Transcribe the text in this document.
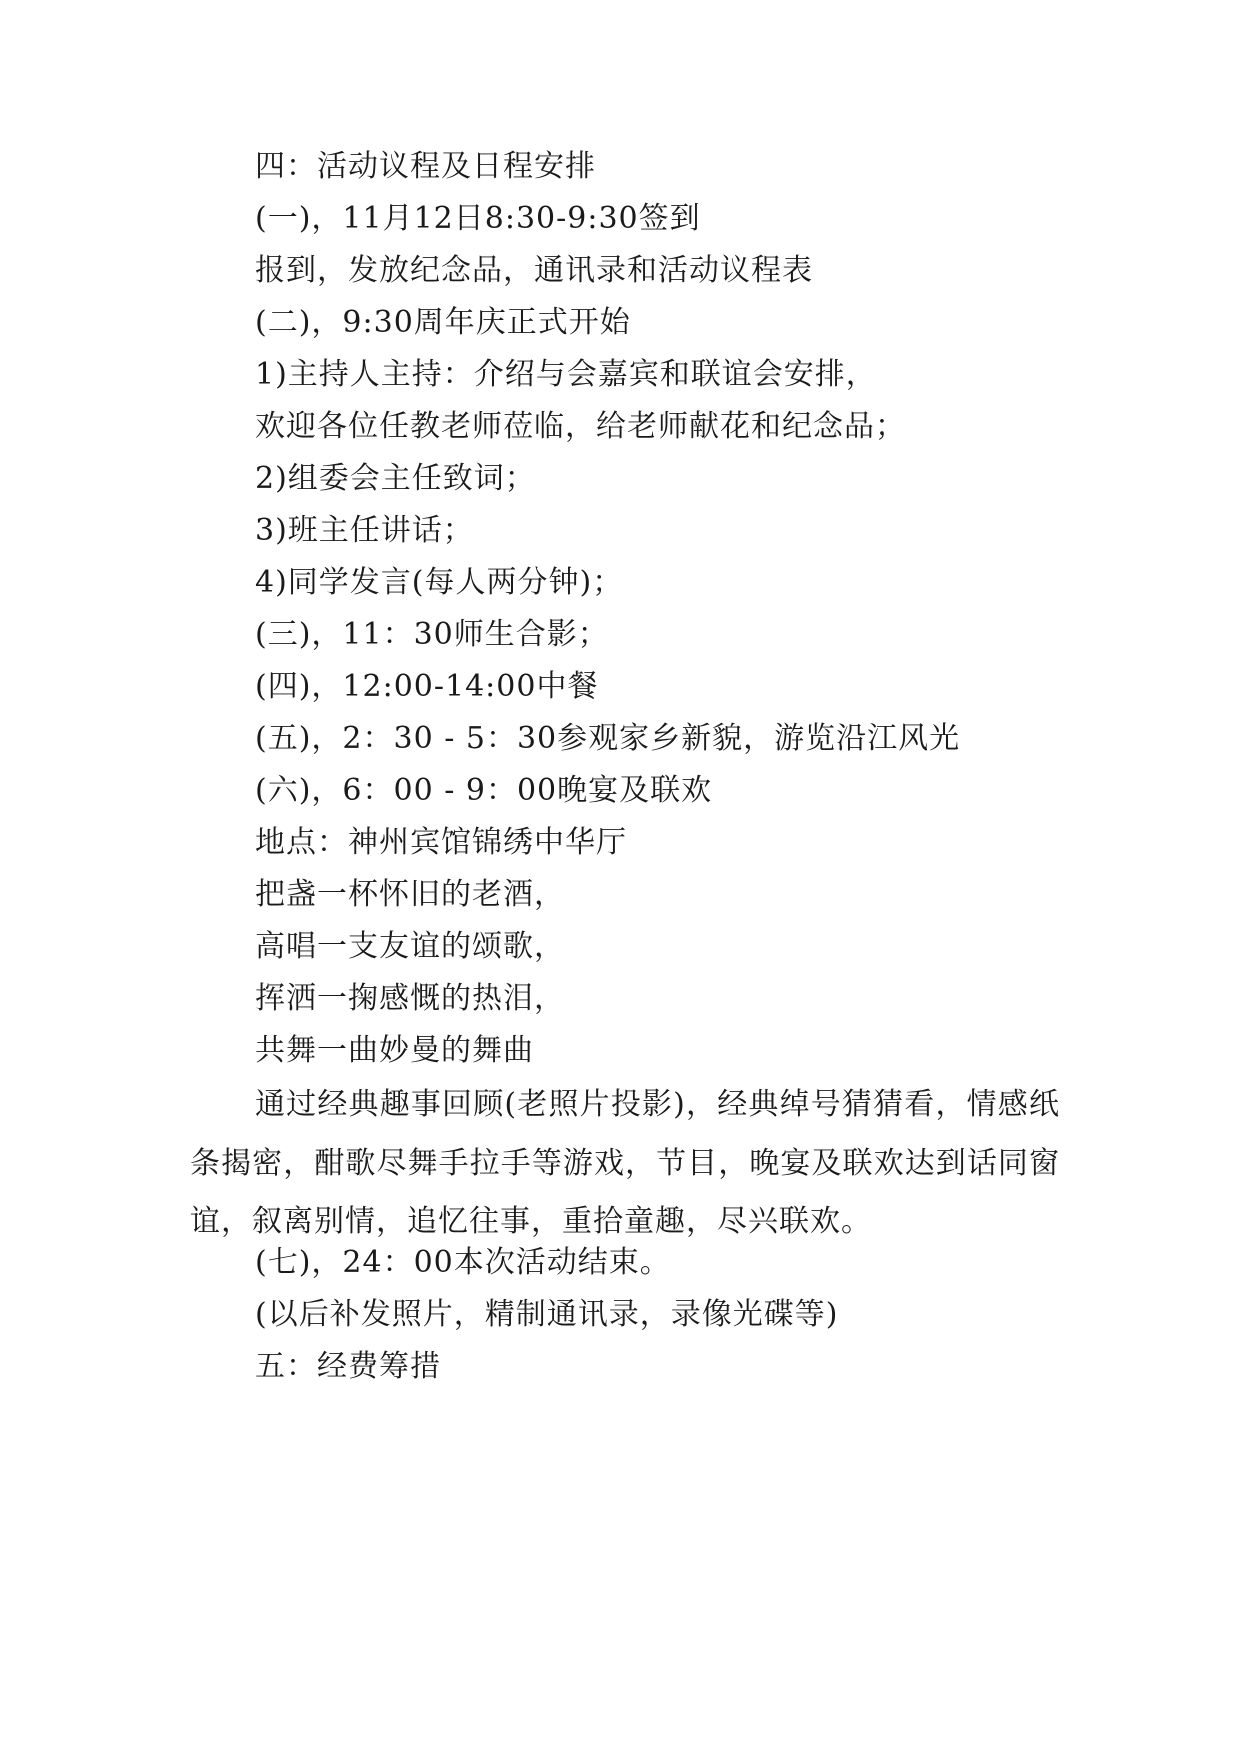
四：活动议程及日程安排
(一)，11月12日8:30-9:30签到
报到，发放纪念品，通讯录和活动议程表
(二)，9:30周年庆正式开始
1)主持人主持：介绍与会嘉宾和联谊会安排，
欢迎各位任教老师莅临，给老师献花和纪念品；
2)组委会主任致词；
3)班主任讲话；
4)同学发言(每人两分钟)；
(三)，11：30师生合影；
(四)，12:00-14:00中餐
(五)，2：30 - 5：30参观家乡新貌，游览沿江风光
(六)，6：00 - 9：00晚宴及联欢
地点：神州宾馆锦绣中华厅
把盏一杯怀旧的老酒，
高唱一支友谊的颂歌，
挥洒一掬感慨的热泪，
共舞一曲妙曼的舞曲
通过经典趣事回顾(老照片投影)，经典绰号猜猜看，情感纸条揭密，酣歌尽舞手拉手等游戏，节目，晚宴及联欢达到话同窗谊，叙离别情，追忆往事，重拾童趣，尽兴联欢。
(七)，24：00本次活动结束。
(以后补发照片，精制通讯录，录像光碟等)
五：经费筹措
